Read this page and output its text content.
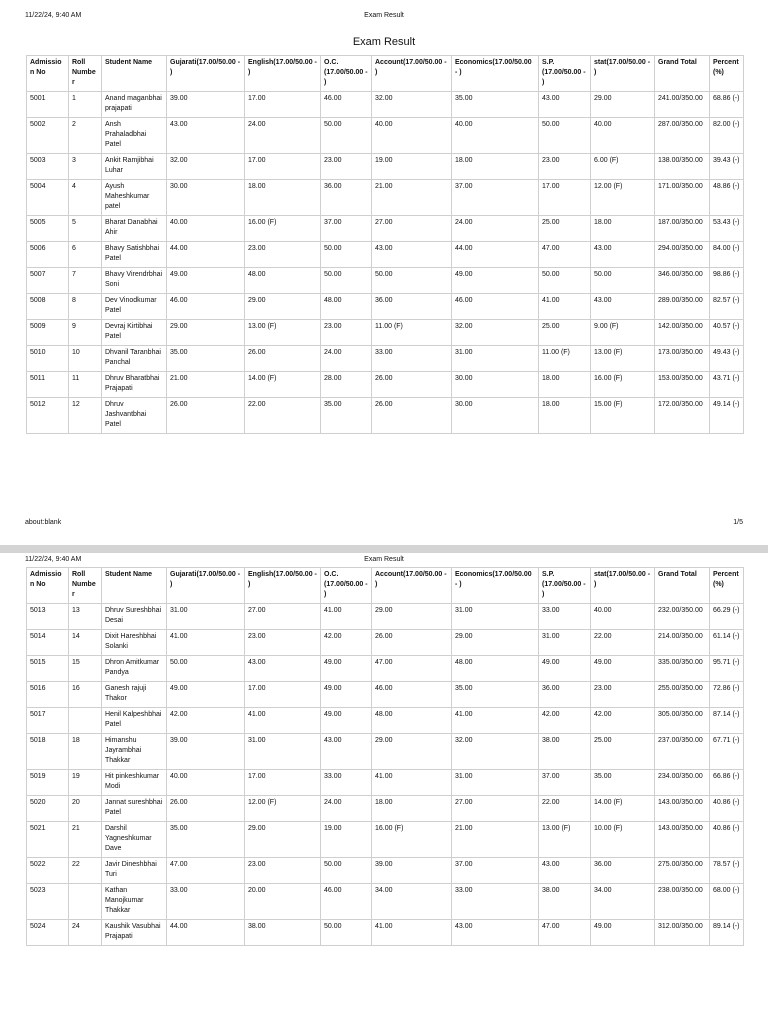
11/22/24, 9:40 AM	Exam Result
Exam Result
Admission No	Roll Number	Student Name	Gujarati(17.00/50.00 - )	English(17.00/50.00 - )	O.C. (17.00/50.00 - )	Account(17.00/50.00 - )	Economics(17.00/50.00 - )	S.P. (17.00/50.00 - )	stat(17.00/50.00 - )	Grand Total	Percent (%)
5001	1	Anand maganbhai prajapati	39.00	17.00	46.00	32.00	35.00	43.00	29.00	241.00/350.00	68.86 (-)
5002	2	Ansh Prahaladbhai Patel	43.00	24.00	50.00	40.00	40.00	50.00	40.00	287.00/350.00	82.00 (-)
5003	3	Ankit Ramjibhai Luhar	32.00	17.00	23.00	19.00	18.00	23.00	6.00 (F)	138.00/350.00	39.43 (-)
5004	4	Ayush Maheshkumar patel	30.00	18.00	36.00	21.00	37.00	17.00	12.00 (F)	171.00/350.00	48.86 (-)
5005	5	Bharat Danabhai Ahir	40.00	16.00 (F)	37.00	27.00	24.00	25.00	18.00	187.00/350.00	53.43 (-)
5006	6	Bhavy Satishbhai Patel	44.00	23.00	50.00	43.00	44.00	47.00	43.00	294.00/350.00	84.00 (-)
5007	7	Bhavy Virendrbhai Soni	49.00	48.00	50.00	50.00	49.00	50.00	50.00	346.00/350.00	98.86 (-)
5008	8	Dev Vinodkumar Patel	46.00	29.00	48.00	36.00	46.00	41.00	43.00	289.00/350.00	82.57 (-)
5009	9	Devraj Kirtibhai Patel	29.00	13.00 (F)	23.00	11.00 (F)	32.00	25.00	9.00 (F)	142.00/350.00	40.57 (-)
5010	10	Dhvanil Taranbhai Panchal	35.00	26.00	24.00	33.00	31.00	11.00 (F)	13.00 (F)	173.00/350.00	49.43 (-)
5011	11	Dhruv Bharatbhai Prajapati	21.00	14.00 (F)	28.00	26.00	30.00	18.00	16.00 (F)	153.00/350.00	43.71 (-)
5012	12	Dhruv Jashvantbhai Patel	26.00	22.00	35.00	26.00	30.00	18.00	15.00 (F)	172.00/350.00	49.14 (-)
about:blank	1/5
11/22/24, 9:40 AM	Exam Result
Admission No	Roll Number	Student Name	Gujarati(17.00/50.00 - )	English(17.00/50.00 - )	O.C. (17.00/50.00 - )	Account(17.00/50.00 - )	Economics(17.00/50.00 - )	S.P. (17.00/50.00 - )	stat(17.00/50.00 - )	Grand Total	Percent (%)
5013	13	Dhruv Sureshbhai Desai	31.00	27.00	41.00	29.00	31.00	33.00	40.00	232.00/350.00	66.29 (-)
5014	14	Dixit Hareshbhai Solanki	41.00	23.00	42.00	26.00	29.00	31.00	22.00	214.00/350.00	61.14 (-)
5015	15	Dhron Amitkumar Pandya	50.00	43.00	49.00	47.00	48.00	49.00	49.00	335.00/350.00	95.71 (-)
5016	16	Ganesh rajuji Thakor	49.00	17.00	49.00	46.00	35.00	36.00	23.00	255.00/350.00	72.86 (-)
5017		Henil Kalpeshbhai Patel	42.00	41.00	49.00	48.00	41.00	42.00	42.00	305.00/350.00	87.14 (-)
5018	18	Himanshu Jayrambhai Thakkar	39.00	31.00	43.00	29.00	32.00	38.00	25.00	237.00/350.00	67.71 (-)
5019	19	Hit pinkeshkumar Modi	40.00	17.00	33.00	41.00	31.00	37.00	35.00	234.00/350.00	66.86 (-)
5020	20	Jannat sureshbhai Patel	26.00	12.00 (F)	24.00	18.00	27.00	22.00	14.00 (F)	143.00/350.00	40.86 (-)
5021	21	Darshil Yagneshkumar Dave	35.00	29.00	19.00	16.00 (F)	21.00	13.00 (F)	10.00 (F)	143.00/350.00	40.86 (-)
5022	22	Javir Dineshbhai Turi	47.00	23.00	50.00	39.00	37.00	43.00	36.00	275.00/350.00	78.57 (-)
5023		Kathan Manojkumar Thakkar	33.00	20.00	46.00	34.00	33.00	38.00	34.00	238.00/350.00	68.00 (-)
5024	24	Kaushik Vasubhai Prajapati	44.00	38.00	50.00	41.00	43.00	47.00	49.00	312.00/350.00	89.14 (-)
